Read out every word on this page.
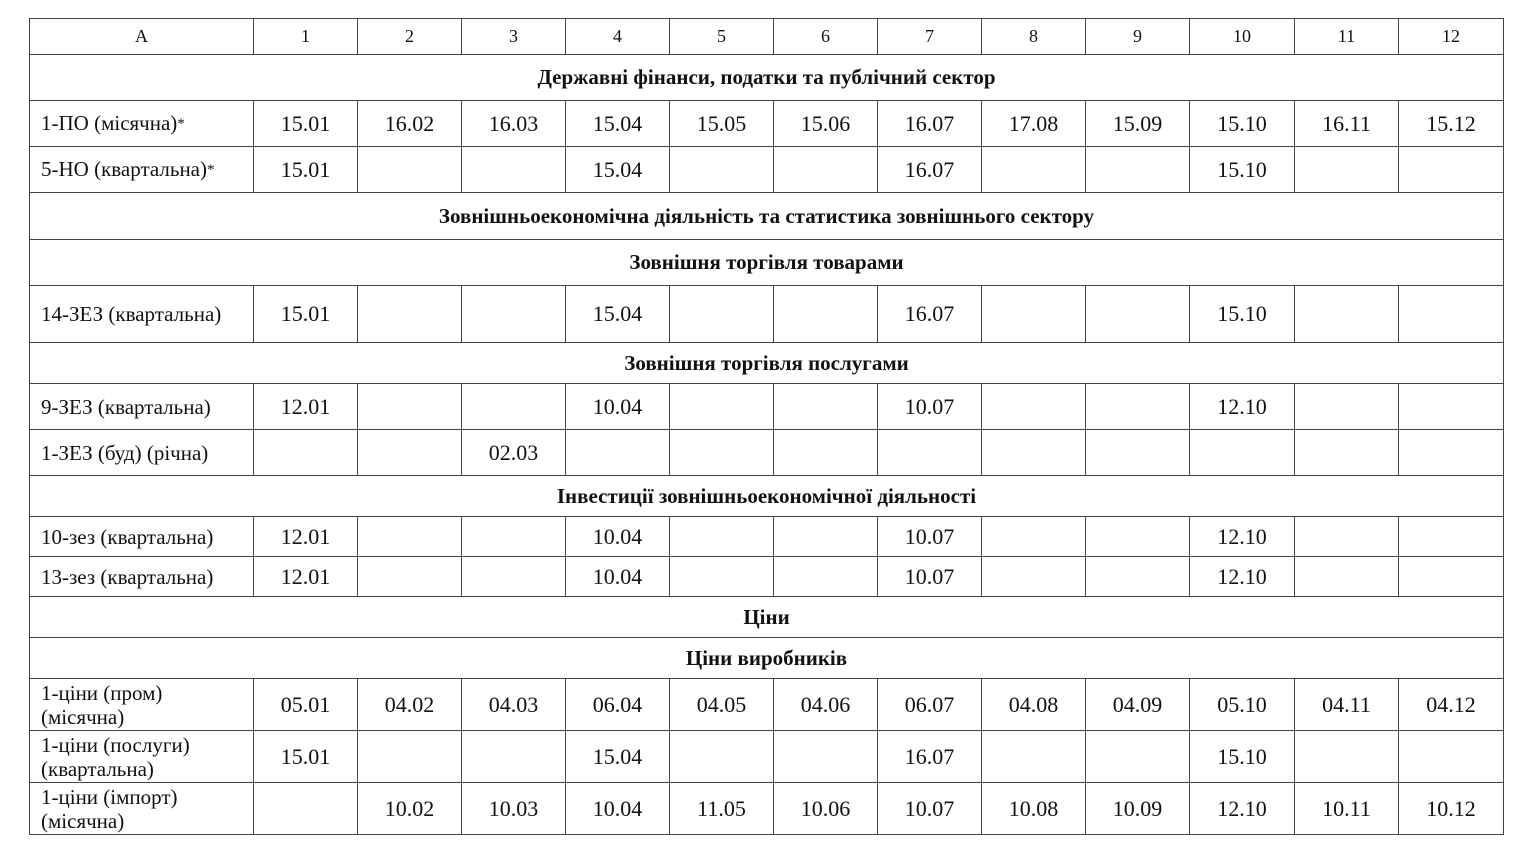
А	1	2	3	4	5	6	7	8	9	10	11	12
Державні фінанси, податки та публічний сектор												
1-ПО (місячна)*	15.01	16.02	16.03	15.04	15.05	15.06	16.07	17.08	15.09	15.10	16.11	15.12
5-НО (квартальна)*	15.01			15.04			16.07			15.10		
Зовнішньоекономічна діяльність та статистика зовнішнього сектору												
Зовнішня торгівля товарами												
14-ЗЕЗ (квартальна)	15.01			15.04			16.07			15.10		
Зовнішня торгівля послугами												
9-ЗЕЗ (квартальна)	12.01			10.04			10.07			12.10		
1-ЗЕЗ (буд) (річна)			02.03									
Інвестиції зовнішньоекономічної діяльності												
10-зез (квартальна)	12.01			10.04			10.07			12.10		
13-зез (квартальна)	12.01			10.04			10.07			12.10		
Ціни												
Ціни виробників												
1-ціни (пром)
(місячна)	05.01	04.02	04.03	06.04	04.05	04.06	06.07	04.08	04.09	05.10	04.11	04.12
1-ціни (послуги)
(квартальна)	15.01			15.04			16.07			15.10		
1-ціни (імпорт)
(місячна)		10.02	10.03	10.04	11.05	10.06	10.07	10.08	10.09	12.10	10.11	10.12
